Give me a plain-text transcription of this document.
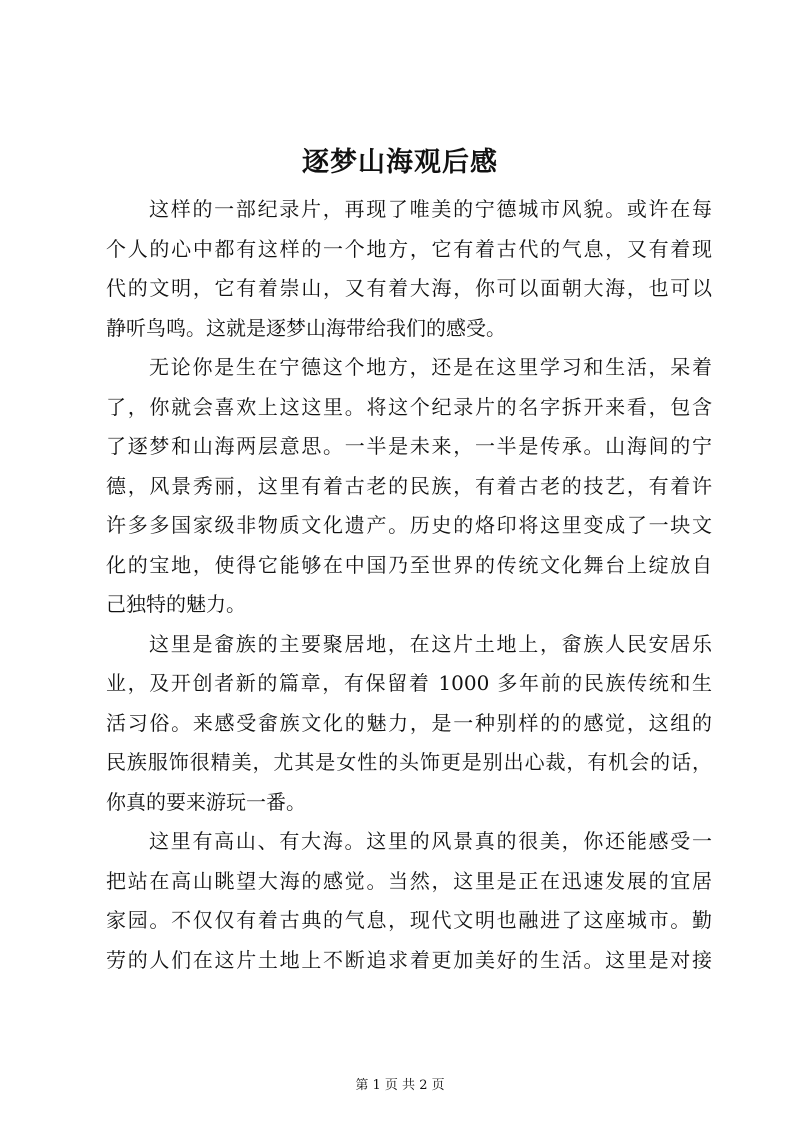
逐梦山海观后感
这样的一部纪录片，再现了唯美的宁德城市风貌。或许在每
个人的心中都有这样的一个地方，它有着古代的气息，又有着现
代的文明，它有着崇山，又有着大海，你可以面朝大海，也可以
静听鸟鸣。这就是逐梦山海带给我们的感受。
无论你是生在宁德这个地方，还是在这里学习和生活，呆着
了，你就会喜欢上这这里。将这个纪录片的名字拆开来看，包含
了逐梦和山海两层意思。一半是未来，一半是传承。山海间的宁
德，风景秀丽，这里有着古老的民族，有着古老的技艺，有着许
许多多国家级非物质文化遗产。历史的烙印将这里变成了一块文
化的宝地，使得它能够在中国乃至世界的传统文化舞台上绽放自
己独特的魅力。
这里是畲族的主要聚居地，在这片土地上，畲族人民安居乐
业，及开创者新的篇章，有保留着 1000 多年前的民族传统和生
活习俗。来感受畲族文化的魅力，是一种别样的的感觉，这组的
民族服饰很精美，尤其是女性的头饰更是别出心裁，有机会的话，
你真的要来游玩一番。
这里有高山、有大海。这里的风景真的很美，你还能感受一
把站在高山眺望大海的感觉。当然，这里是正在迅速发展的宜居
家园。不仅仅有着古典的气息，现代文明也融进了这座城市。勤
劳的人们在这片土地上不断追求着更加美好的生活。这里是对接
第 1 页 共 2 页
